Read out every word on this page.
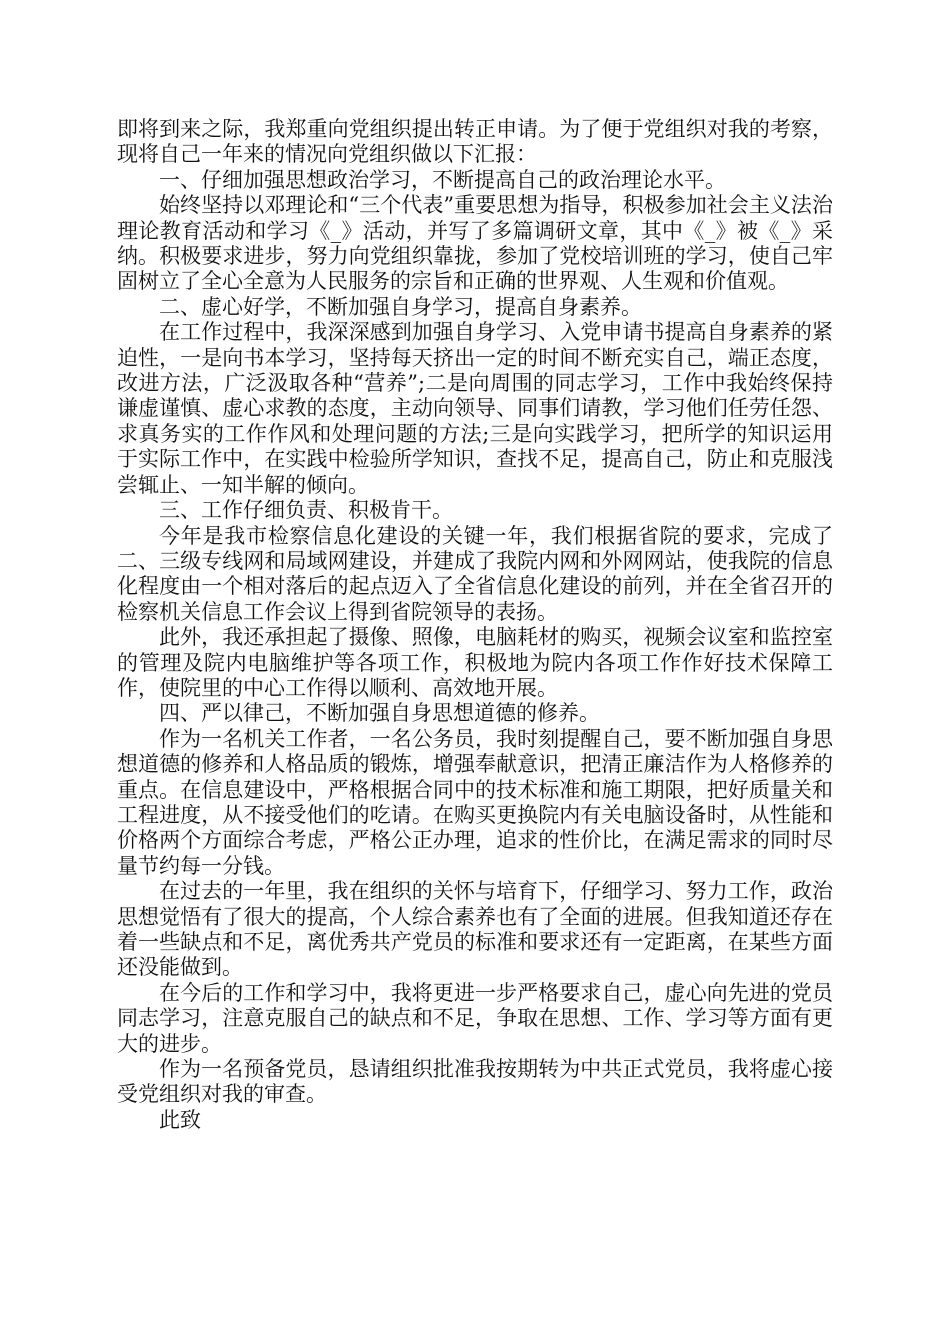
即将到来之际，我郑重向党组织提出转正申请。为了便于党组织对我的考察，现将自己一年来的情况向党组织做以下汇报：

一、仔细加强思想政治学习，不断提高自己的政治理论水平。

始终坚持以邓理论和“三个代表”重要思想为指导，积极参加社会主义法治理论教育活动和学习《_》活动，并写了多篇调研文章，其中《_》被《_》采纳。积极要求进步，努力向党组织靠拢，参加了党校培训班的学习，使自己牢固树立了全心全意为人民服务的宗旨和正确的世界观、人生观和价值观。

二、虚心好学，不断加强自身学习，提高自身素养。

在工作过程中，我深深感到加强自身学习、入党申请书提高自身素养的紧迫性，一是向书本学习，坚持每天挤出一定的时间不断充实自己，端正态度，改进方法，广泛汲取各种“营养”;二是向周围的同志学习，工作中我始终保持谦虚谨慎、虚心求教的态度，主动向领导、同事们请教，学习他们任劳任怨、求真务实的工作作风和处理问题的方法;三是向实践学习，把所学的知识运用于实际工作中，在实践中检验所学知识，查找不足，提高自己，防止和克服浅尝辄止、一知半解的倾向。

三、工作仔细负责、积极肯干。

今年是我市检察信息化建设的关键一年，我们根据省院的要求，完成了二、三级专线网和局域网建设，并建成了我院内网和外网网站，使我院的信息化程度由一个相对落后的起点迈入了全省信息化建设的前列，并在全省召开的检察机关信息工作会议上得到省院领导的表扬。

此外，我还承担起了摄像、照像，电脑耗材的购买，视频会议室和监控室的管理及院内电脑维护等各项工作，积极地为院内各项工作作好技术保障工作，使院里的中心工作得以顺利、高效地开展。

四、严以律己，不断加强自身思想道德的修养。

作为一名机关工作者，一名公务员，我时刻提醒自己，要不断加强自身思想道德的修养和人格品质的锻炼，增强奉献意识，把清正廉洁作为人格修养的重点。在信息建设中，严格根据合同中的技术标准和施工期限，把好质量关和工程进度，从不接受他们的吃请。在购买更换院内有关电脑设备时，从性能和价格两个方面综合考虑，严格公正办理，追求的性价比，在满足需求的同时尽量节约每一分钱。

在过去的一年里，我在组织的关怀与培育下，仔细学习、努力工作，政治思想觉悟有了很大的提高，个人综合素养也有了全面的进展。但我知道还存在着一些缺点和不足，离优秀共产党员的标准和要求还有一定距离，在某些方面还没能做到。

在今后的工作和学习中，我将更进一步严格要求自己，虚心向先进的党员同志学习，注意克服自己的缺点和不足，争取在思想、工作、学习等方面有更大的进步。

作为一名预备党员，恳请组织批准我按期转为中共正式党员，我将虚心接受党组织对我的审查。

此致
